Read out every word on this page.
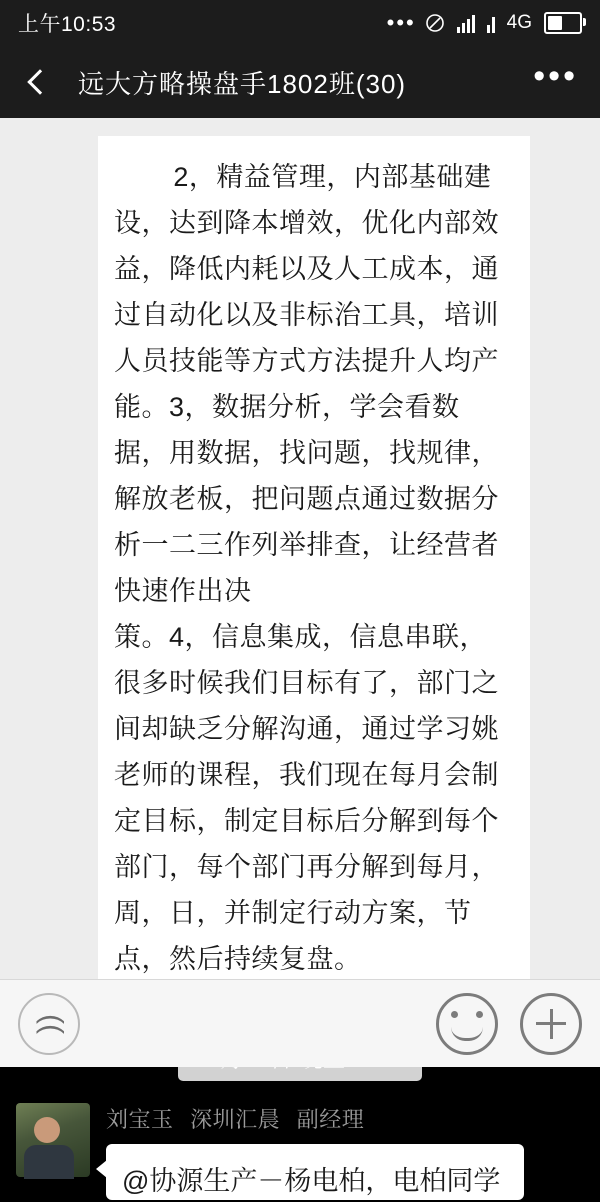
上午10:53	•••	4G
远大方略操盘手1802班(30)	•••

2，精益管理，内部基础建设，达到降本增效，优化内部效益，降低内耗以及人工成本，通过自动化以及非标治工具，培训人员技能等方式方法提升人均产

能。3，数据分析，学会看数据，用数据，找问题，找规律，解放老板，把问题点通过数据分析一二三作列举排查，让经营者快速作出决

策。4，信息集成，信息串联，很多时候我们目标有了，部门之间却缺乏分解沟通，通过学习姚老师的课程，我们现在每月会制定目标，制定目标后分解到每个部门，每个部门再分解到每月，周，日，并制定行动方案，节点，然后持续复盘。

刘宝玉 深圳汇晨 副经理
@协源生产－杨电柏，电柏同学
))
